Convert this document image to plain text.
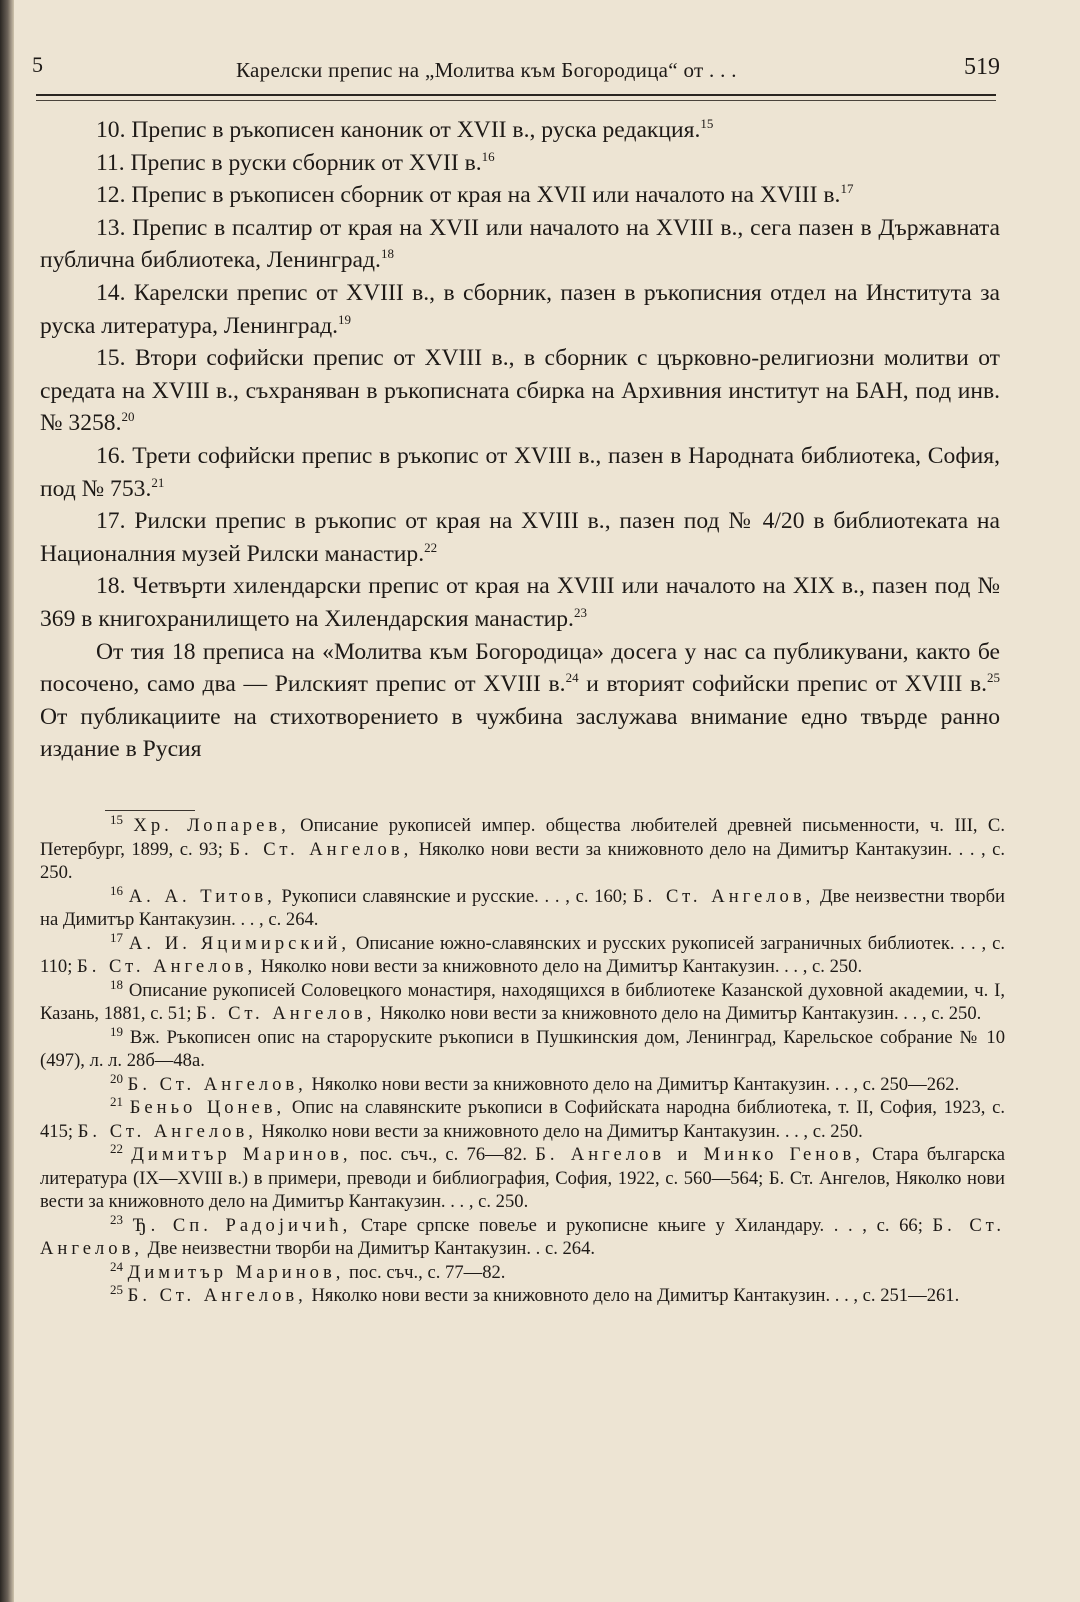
5	Карелски препис на „Молитва към Богородица“ от . . .	519

10. Препис в ръкописен каноник от XVII в., руска редакция.$^{15}$

11. Препис в руски сборник от XVII в.$^{16}$

12. Препис в ръкописен сборник от края на XVII или началото на XVIII в.$^{17}$

13. Препис в псалтир от края на XVII или началото на XVIII в., сега пазен в Държавната публична библиотека, Ленинград.$^{18}$

14. Карелски препис от XVIII в., в сборник, пазен в ръкописния отдел на Института за руска литература, Ленинград.$^{19}$

15. Втори софийски препис от XVIII в., в сборник с църковно-религиозни молитви от средата на XVIII в., съхраняван в ръкописната сбирка на Архивния институт на БАН, под инв. № 3258.20

16. Трети софийски препис в ръкопис от XVIII в., пазен в Народната библиотека, София, под № 753.21

17. Рилски препис в ръкопис от края на XVIII в., пазен под № 4/20 в библиотеката на Националния музей Рилски манастир.$^{22}$

18. Четвърти хилендарски препис от края на XVIII или началото на XIX в., пазен под № 369 в книгохранилището на Хилендарския манастир.$^{23}$

От тия 18 преписа на «Молитва към Богородица» досега у нас са публикувани, както бе посочено, само два — Рилският препис от XVIII в.$^{24}$ и вторият софийски препис от XVIII в.$^{25}$ От публикациите на стихотворението в чужбина заслужава внимание едно твърде ранно издание в Русия

$^{15}$ Хр. Лопарев, Описание рукописей импер. общества любителей древней письменности, ч. III, С. Петербург, 1899, с. 93; Б. Ст. Ангелов, Няколко нови вести за книжовното дело на Димитър Кантакузин. . . , с. 250.

$^{16}$ А. А. Титов, Рукописи славянские и русские. . . , с. 160; Б. Ст. Ангелов, Две неизвестни творби на Димитър Кантакузин. . . , с. 264.

$^{17}$ А. И. Яцимирский, Описание южно-славянских и русских рукописей заграничных библиотек. . . , с. 110; Б. Ст. Ангелов, Няколко нови вести за книжовното дело на Димитър Кантакузин. . . , с. 250.

$^{18}$ Описание рукописей Соловецкого монастиря, находящихся в библиотеке Казанской духовной академии, ч. I, Казань, 1881, с. 51; Б. Ст. Ангелов, Няколко нови вести за книжовното дело на Димитър Кантакузин. . . , с. 250.

$^{19}$ Вж. Ръкописен опис на староруските ръкописи в Пушкинския дом, Ленинград, Карельское собрание № 10 (497), л. л. 28б—48а.

$^{20}$ Б. Ст. Ангелов, Няколко нови вести за книжовното дело на Димитър Кантакузин. . . , с. 250—262.

$^{21}$ Беньо Цонев, Опис на славянските ръкописи в Софийската народна библиотека, т. II, София, 1923, с. 415; Б. Ст. Ангелов, Няколко нови вести за книжовното дело на Димитър Кантакузин. . . , с. 250.

$^{22}$ Димитър Маринов, пос. съч., с. 76—82. Б. Ангелов и Минко Генов, Стара българска литература (IX—XVIII в.) в примери, преводи и библиография, София, 1922, с. 560—564; Б. Ст. Ангелов, Няколко нови вести за книжовното дело на Димитър Кантакузин. . . , с. 250.

$^{23}$ Ђ. Сп. Радојичић, Старе српске повеље и рукописне књиге у Хиландару. . . , с. 66; Б. Ст. Ангелов, Две неизвестни творби на Димитър Кантакузин. . с. 264.

$^{24}$ Димитър Маринов, пос. съч., с. 77—82.

$^{25}$ Б. Ст. Ангелов, Няколко нови вести за книжовното дело на Димитър Кантакузин. . . , с. 251—261.
